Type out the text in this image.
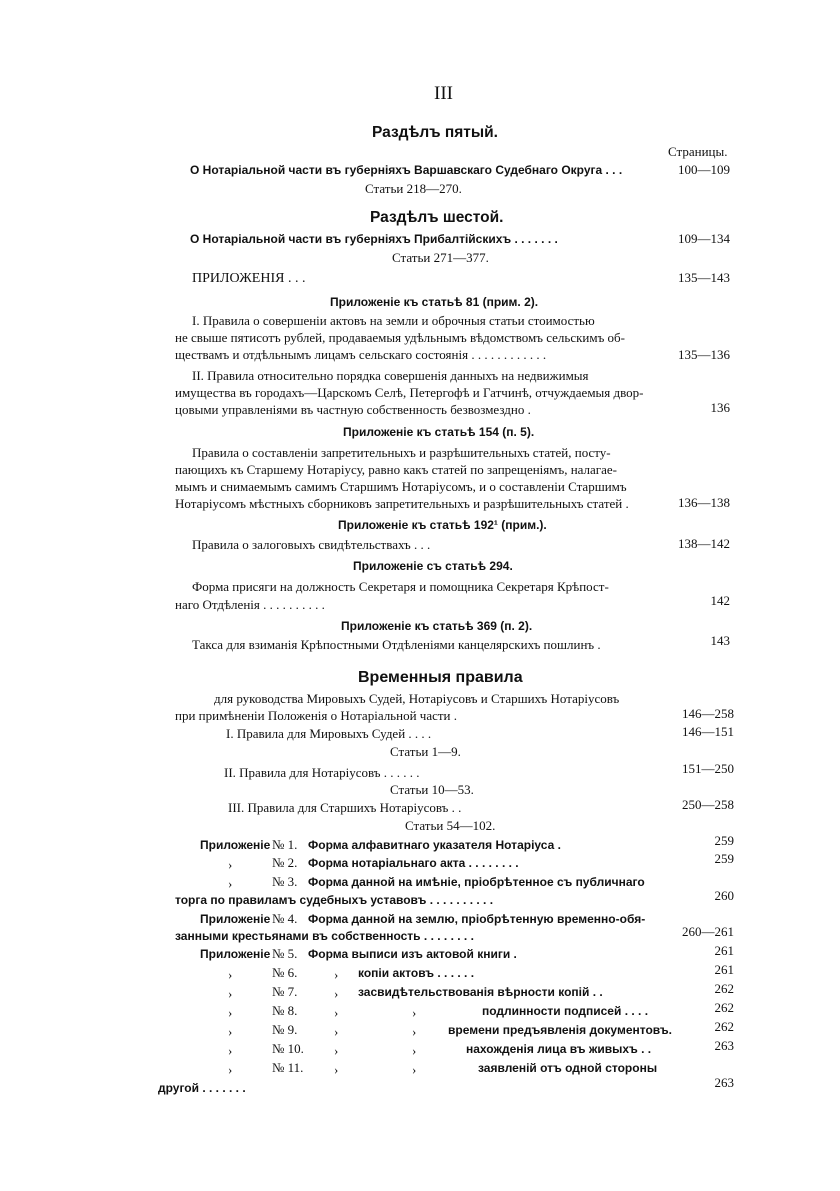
III
Раздѣлъ пятый.
Страницы.
О Нотаріальной части въ губерніяхъ Варшавскаго Судебнаго Округа . . .	100—109
Статьи 218—270.
Раздѣлъ шестой.
О Нотаріальной части въ губерніяхъ Прибалтійскихъ . . . . . . .	109—134
Статьи 271—377.
ПРИЛОЖЕНІЯ . . .	135—143
Приложеніе къ статьѣ 81 (прим. 2).
I. Правила о совершеніи актовъ на земли и оброчныя статьи стоимостью
не свыше пятисотъ рублей, продаваемыя удѣльнымъ вѣдомствомъ сельскимъ об-
ществамъ и отдѣльнымъ лицамъ сельскаго состоянія . . . . . . . . . . . .	135—136
II. Правила относительно порядка совершенія данныхъ на недвижимыя
имущества въ городахъ—Царскомъ Селѣ, Петергофѣ и Гатчинѣ, отчуждаемыя двор-
цовыми управленіями въ частную собственность безвозмездно .	136
Приложеніе къ статьѣ 154 (п. 5).
Правила о составленіи запретительныхъ и разрѣшительныхъ статей, посту-
пающихъ къ Старшему Нотаріусу, равно какъ статей по запрещеніямъ, налагае-
мымъ и снимаемымъ самимъ Старшимъ Нотаріусомъ, и о составленіи Старшимъ
Нотаріусомъ мѣстныхъ сборниковъ запретительныхъ и разрѣшительныхъ статей .	136—138
Приложеніе къ статьѣ 192¹ (прим.).
Правила о залоговыхъ свидѣтельствахъ . . .	138—142
Приложеніе съ статьѣ 294.
Форма присяги на должность Секретаря и помощника Секретаря Крѣпост-
наго Отдѣленія . . . . . . . . . .	142
Приложеніе къ статьѣ 369 (п. 2).
Такса для взиманія Крѣпостными Отдѣленіями канцелярскихъ пошлинъ .	143
Временныя правила
для руководства Мировыхъ Судей, Нотаріусовъ и Старшихъ Нотаріусовъ
при примѣненіи Положенія о Нотаріальной части .	146—258
I. Правила для Мировыхъ Судей . . . .	146—151
Статьи 1—9.
II. Правила для Нотаріусовъ . . . . . .	151—250
Статьи 10—53.
III. Правила для Старшихъ Нотаріусовъ . .	250—258
Статьи 54—102.
Приложеніе № 1. Форма алфавитнаго указателя Нотаріуса .	259
›	№ 2. Форма нотаріальнаго акта . . . . . . . .	259
›	№ 3. Форма данной на имѣніе, пріобрѣтенное съ публичнаго
торга по правиламъ судебныхъ уставовъ . . . . . . . . . .	260
Приложеніе № 4. Форма данной на землю, пріобрѣтенную временно-обя-
занными крестьянами въ собственность . . . . . . . .	260—261
Приложеніе № 5. Форма выписи изъ актовой книги .	261
›	№ 6.	› копіи актовъ . . . . . .	261
›	№ 7.	› засвидѣтельствованія вѣрности копій . .	262
›	№ 8.	›	›	подлинности подписей . . . .	262
›	№ 9.	›	›	времени предъявленія документовъ.	262
›	№ 10.	›	›	нахожденія лица въ живыхъ . .	263
›	№ 11.	›	›	заявленій отъ одной стороны
другой . . . . . . .	263
